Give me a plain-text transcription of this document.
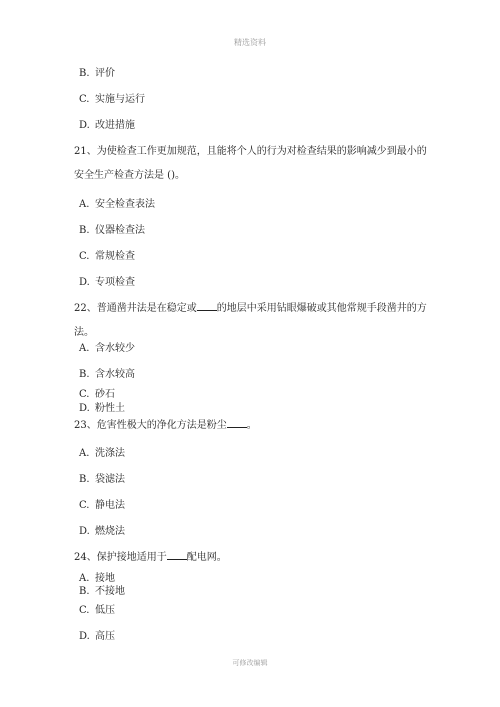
精选资料
B. 评价
C. 实施与运行
D. 改进措施
21、为使检查工作更加规范，且能将个人的行为对检查结果的影响减少到最小的安全生产检查方法是 ()。
A. 安全检查表法
B. 仪器检查法
C. 常规检查
D. 专项检查
22、普通凿井法是在稳定或 的地层中采用钻眼爆破或其他常规手段凿井的方法。
A. 含水较少
B. 含水较高
C. 砂石
D. 粉性土
23、危害性极大的净化方法是粉尘 。
A. 洗涤法
B. 袋滤法
C. 静电法
D. 燃烧法
24、保护接地适用于 配电网。
A. 接地
B. 不接地
C. 低压
D. 高压
可修改编辑
